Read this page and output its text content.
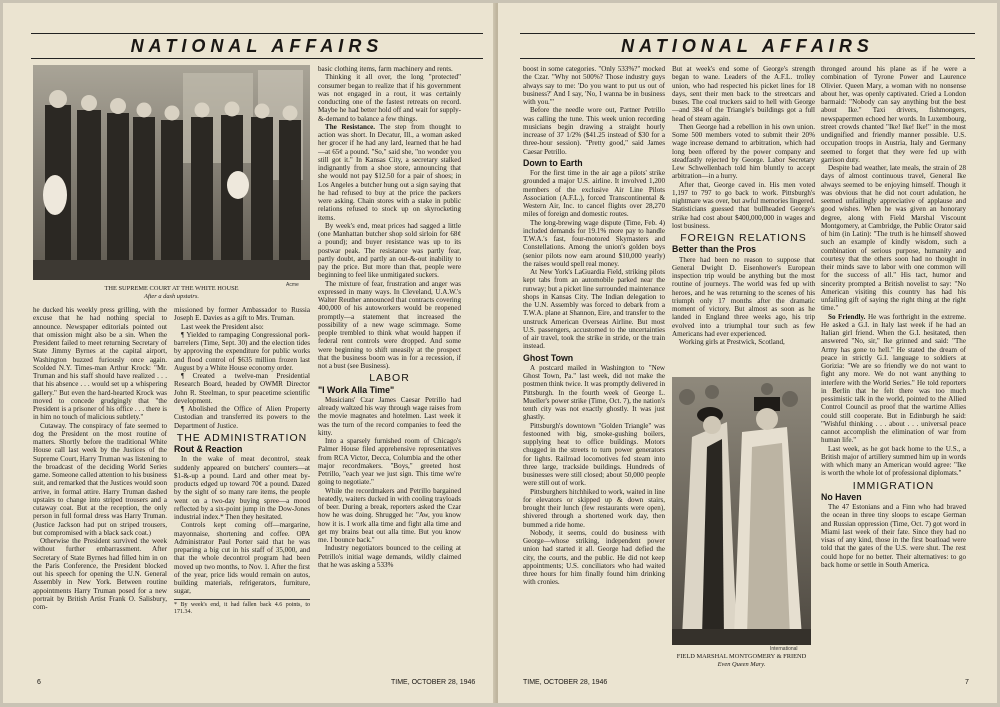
NATIONAL AFFAIRS
Acme
THE SUPREME COURT AT THE WHITE HOUSE
After a dash upstairs.

he ducked his weekly press grilling, with the excuse that he had nothing special to announce. Newspaper editorials pointed out that omission might also be a sin. When the President failed to meet returning Secretary of State Jimmy Byrnes at the capital airport, Washington buzzed furiously once again. Scolded N.Y. Times-man Arthur Krock: "Mr. Truman and his staff should have realized . . . that his absence . . . would set up a whispering gallery." But even the hard-hearted Krock was moved to concede grudgingly that "the President is a prisoner of his office . . . there is in him no touch of malicious subtlety."

Cutaway. The conspiracy of fate seemed to dog the President on the most routine of matters. Shortly before the traditional White House call last week by the Justices of the Supreme Court, Harry Truman was listening to the broadcast of the deciding World Series game. Someone called attention to his business suit, and remarked that the Justices would soon arrive, in formal attire. Harry Truman dashed upstairs to change into striped trousers and a cutaway coat. But at the reception, the only person in full formal dress was Harry Truman. (Justice Jackson had put on striped trousers, but compromised with a black sack coat.)

Otherwise the President survived the week without further embarrassment. After Secretary of State Byrnes had filled him in on the Paris Conference, the President blocked out his speech for opening the U.N. General Assembly in New York. Between routine appointments Harry Truman posed for a new portrait by British Artist Frank O. Salisbury, com-

missioned by former Ambassador to Russia Joseph E. Davies as a gift to Mrs. Truman.

Last week the President also:

¶ Yielded to rampaging Congressional pork-barrelers (Time, Sept. 30) and the election tides by approving the expenditure for public works and flood control of $635 million frozen last August by a White House economy order.

¶ Created a twelve-man Presidential Research Board, headed by OWMR Director John R. Steelman, to spur peacetime scientific development.

¶ Abolished the Office of Alien Property Custodian and transferred its powers to the Department of Justice.

THE ADMINISTRATION
Rout & Reaction

In the wake of meat decontrol, steak suddenly appeared on butchers' counters—at $1-&-up a pound. Lard and other meat by-products edged up toward 70¢ a pound. Dazed by the sight of so many rare items, the people went on a two-day buying spree—a mood reflected by a six-point jump in the Dow-Jones industrial index.* Then they hesitated.

Controls kept coming off—margarine, mayonnaise, shortening and coffee. OPA Administrator Paul Porter said that he was preparing a big cut in his staff of 35,000, and that the whole decontrol program had been moved up two months, to Nov. 1. After the first of the year, price lids would remain on autos, building materials, refrigerators, furniture, sugar,

* By week's end, it had fallen back 4.6 points, to 171.34.

basic clothing items, farm machinery and rents.

Thinking it all over, the long "protected" consumer began to realize that if his government was not engaged in a rout, it was certainly conducting one of the fastest retreats on record. Maybe he had better hold off and wait for supply-&-demand to balance a few things.

The Resistance. The step from thought to action was short. In Decatur, Ill., a woman asked her grocer if he had any lard, learned that he had—at 65¢ a pound. "So," said she, "no wonder you still got it." In Kansas City, a secretary stalked indignantly from a shoe store, announcing that she would not pay $12.50 for a pair of shoes; in Los Angeles a butcher hung out a sign saying that he had refused to buy at the price the packers were asking. Chain stores with a stake in public relations refused to stock up on skyrocketing items.

By week's end, meat prices had sagged a little (one Manhattan butcher shop sold sirloin for 68¢ a pound); and buyer resistance was up to its postwar peak. The resistance was partly fear, partly doubt, and partly an out-&-out inability to pay the price. But more than that, people were beginning to feel like unmitigated suckers.

The mixture of fear, frustration and anger was expressed in many ways. In Cleveland, U.A.W.'s Walter Reuther announced that contracts covering 400,000 of his autoworkers would be reopened promptly—a statement that increased the possibility of a new wage scimmage. Some people trembled to think what would happen if federal rent controls were dropped. And some were beginning to shift uneasily at the prospect that the business boom was in for a recession, if not a bust (see Business).

LABOR
"I Work Alla Time"

Musicians' Czar James Caesar Petrillo had already waltzed his way through wage raises from the movie magnates and hotelmen. Last week it was the turn of the record companies to feed the kitty.

Into a sparsely furnished room of Chicago's Palmer House filed apprehensive representatives from RCA Victor, Decca, Columbia and the other major recordmakers. "Boys," greeted host Petrillo, "each year we just sign. This time we're going to negotiate."

While the recordmakers and Petrillo bargained heatedly, waiters ducked in with cooling trayloads of beer. During a break, reporters asked the Czar how he was doing. Shrugged he: "Aw, you know how it is. I work alla time and fight alla time and get my brains beat out alla time. But you know me. I bounce back."

Industry negotiators bounced to the ceiling at Petrillo's initial wage demands, wildly claimed that he was asking a 533%

6	TIME, OCTOBER 28, 1946
NATIONAL AFFAIRS

boost in some categories. "Only 533%?" mocked the Czar. "Why not 500%? Those industry guys always say to me: 'Do you want to put us out of business?' And I say, 'No, I wanna be in business with you.'"

Before the needle wore out, Partner Petrillo was calling the tune. This week union recording musicians begin drawing a straight hourly increase of 37 1/2% ($41.25 instead of $30 for a three-hour session). "Pretty good," said James Caesar Petrillo.

Down to Earth

For the first time in the air age a pilots' strike grounded a major U.S. airline. It involved 1,200 members of the exclusive Air Line Pilots Association (A.F.L.), forced Transcontinental & Western Air, Inc. to cancel flights over 28,270 miles of foreign and domestic routes.

The long-brewing wage dispute (Time, Feb. 4) included demands for 19.1% more pay to handle T.W.A.'s fast, four-motored Skymasters and Constellations. Among the union's golden boys (senior pilots now earn around $10,000 yearly) the raises would spell real money.

At New York's LaGuardia Field, striking pilots kept tabs from an automobile parked near the runway; but a picket line surrounded maintenance shops in Kansas City. The Indian delegation to the U.N. Assembly was forced to debark from a T.W.A. plane at Shannon, Eire, and transfer to the unstruck American Overseas Airline. But most U.S. passengers, accustomed to the uncertainties of air travel, took the strike in stride, or the train instead.

Ghost Town

A postcard mailed in Washington to "New Ghost Town, Pa." last week, did not make the postmen think twice. It was promptly delivered in Pittsburgh. In the fourth week of George L. Mueller's power strike (Time, Oct. 7), the nation's tenth city was not exactly ghostly. It was just ghastly.

Pittsburgh's downtown "Golden Triangle" was festooned with big, smoke-gushing boilers, supplying heat to office buildings. Motors chugged in the streets to turn power generators for lights. Railroad locomotives fed steam into three large, trackside buildings. Hundreds of businesses were still closed; about 50,000 people were still out of work.

Pittsburghers hitchhiked to work, waited in line for elevators or skipped up & down stairs, brought their lunch (few restaurants were open), shivered through a shortened work day, then bummed a ride home.

Nobody, it seems, could do business with George—whose striking, independent power union had started it all. George had defied the city, the courts, and the public. He did not keep appointments; U.S. conciliators who had waited three hours for him finally found him drinking with cronies.

But at week's end some of George's strength began to wane. Leaders of the A.F.L. trolley union, who had respected his picket lines for 18 days, sent their men back to the streetcars and buses. The coal truckers said to hell with George—and 384 of the Triangle's buildings got a full head of steam again.

Then George had a rebellion in his own union. Some 500 members voted to submit their 20% wage increase demand to arbitration, which had long been offered by the power company and steadfastly rejected by George. Labor Secretary Lew Schwellenbach told him bluntly to accept arbitration—in a hurry.

After that, George caved in. His men voted 1,197 to 797 to go back to work. Pittsburgh's nightmare was over, but awful memories lingered. Statisticians guessed that bullheaded George's strike had cost about $400,000,000 in wages and lost business.

FOREIGN RELATIONS
Better than the Pros

There had been no reason to suppose that General Dwight D. Eisenhower's European inspection trip would be anything but the most routine of journeys. The world was fed up with heroes, and he was returning to the scenes of his triumph only 17 months after the dramatic moment of victory. But almost as soon as he landed in England three weeks ago, his trip evolved into a triumphal tour such as few Americans had ever experienced.

Working girls at Prestwick, Scotland,

International
FIELD MARSHAL MONTGOMERY & FRIEND
Even Queen Mary.

thronged around his plane as if he were a combination of Tyrone Power and Laurence Olivier. Queen Mary, a woman with no nonsense about her, was openly captivated. Cried a London barmaid: "Nobody can say anything but the best about Ike." Taxi drivers, fishmongers, newspapermen echoed her words. In Luxembourg, street crowds chanted "Ike! Ike! Ike!" in the most undignified and friendly manner possible. U.S. occupation troops in Austria, Italy and Germany seemed to forget that they were fed up with garrison duty.

Despite bad weather, late meals, the strain of 28 days of almost continuous travel, General Ike always seemed to be enjoying himself. Though it was obvious that he did not court adulation, he seemed unfailingly appreciative of applause and good wishes. When he was given an honorary degree, along with Field Marshal Viscount Montgomery, at Cambridge, the Public Orator said of him (in Latin): "The truth is he himself showed such an example of kindly wisdom, such a combination of serious purpose, humanity and courtesy that the others soon had no thought in their minds save to labor with one common will for the success of all." His tact, humor and sincerity prompted a British novelist to say: "No American visiting this country has had his unfailing gift of saying the right thing at the right time."

So Friendly. He was forthright in the extreme. He asked a G.I. in Italy last week if he had an Italian girl friend. When the G.I. hesitated, then answered "No, sir," Ike grinned and said: "The Army has gone to hell." He stated the dream of peace in strictly G.I. language to soldiers at Gorizia: "We are so friendly we do not want to fight any more. We do not want anything to interfere with the World Series." He told reporters in Berlin that he felt there was too much pessimistic talk in the world, pointed to the Allied Control Council as proof that the wartime Allies could still cooperate. But in Edinburgh he said: "Wishful thinking . . . about . . . universal peace cannot accomplish the elimination of war from human life."

Last week, as he got back home to the U.S., a British major of artillery summed him up in words with which many an American would agree: "Ike is worth the whole lot of professional diplomats."

IMMIGRATION
No Haven

The 47 Estonians and a Finn who had braved the ocean in three tiny sloops to escape German and Russian oppression (Time, Oct. 7) got word in Miami last week of their fate. Since they had no visas of any kind, those in the first boatload were told that the gates of the U.S. were shut. The rest could hope for no better. Their alternatives: to go back home or settle in South America.

TIME, OCTOBER 28, 1946	7
